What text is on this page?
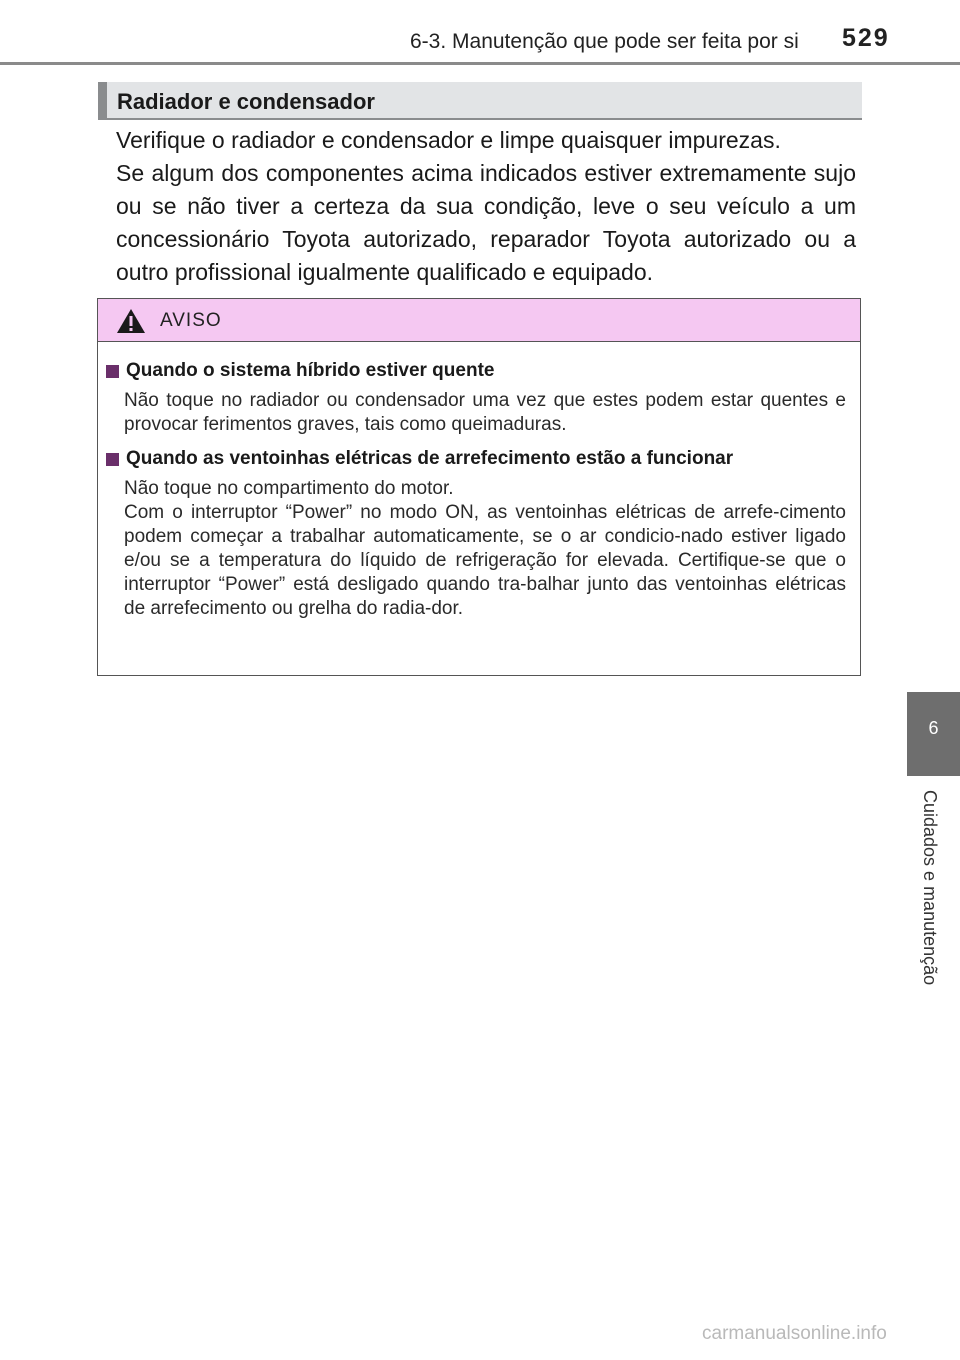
6-3. Manutenção que pode ser feita por si 529
Radiador e condensador

Verifique o radiador e condensador e limpe quaisquer impurezas.

Se algum dos componentes acima indicados estiver extremamente sujo ou se não tiver a certeza da sua condição, leve o seu veículo a um concessionário Toyota autorizado, reparador Toyota autorizado ou a outro profissional igualmente qualificado e equipado.

AVISO
Quando o sistema híbrido estiver quente

Não toque no radiador ou condensador uma vez que estes podem estar quentes e provocar ferimentos graves, tais como queimaduras.

Quando as ventoinhas elétricas de arrefecimento estão a funcionar

Não toque no compartimento do motor.

Com o interruptor “Power” no modo ON, as ventoinhas elétricas de arrefe-cimento podem começar a trabalhar automaticamente, se o ar condicio-nado estiver ligado e/ou se a temperatura do líquido de refrigeração for elevada. Certifique-se que o interruptor “Power” está desligado quando tra-balhar junto das ventoinhas elétricas de arrefecimento ou grelha do radia-dor.

6
Cuidados e manutenção
carmanualsonline.info
